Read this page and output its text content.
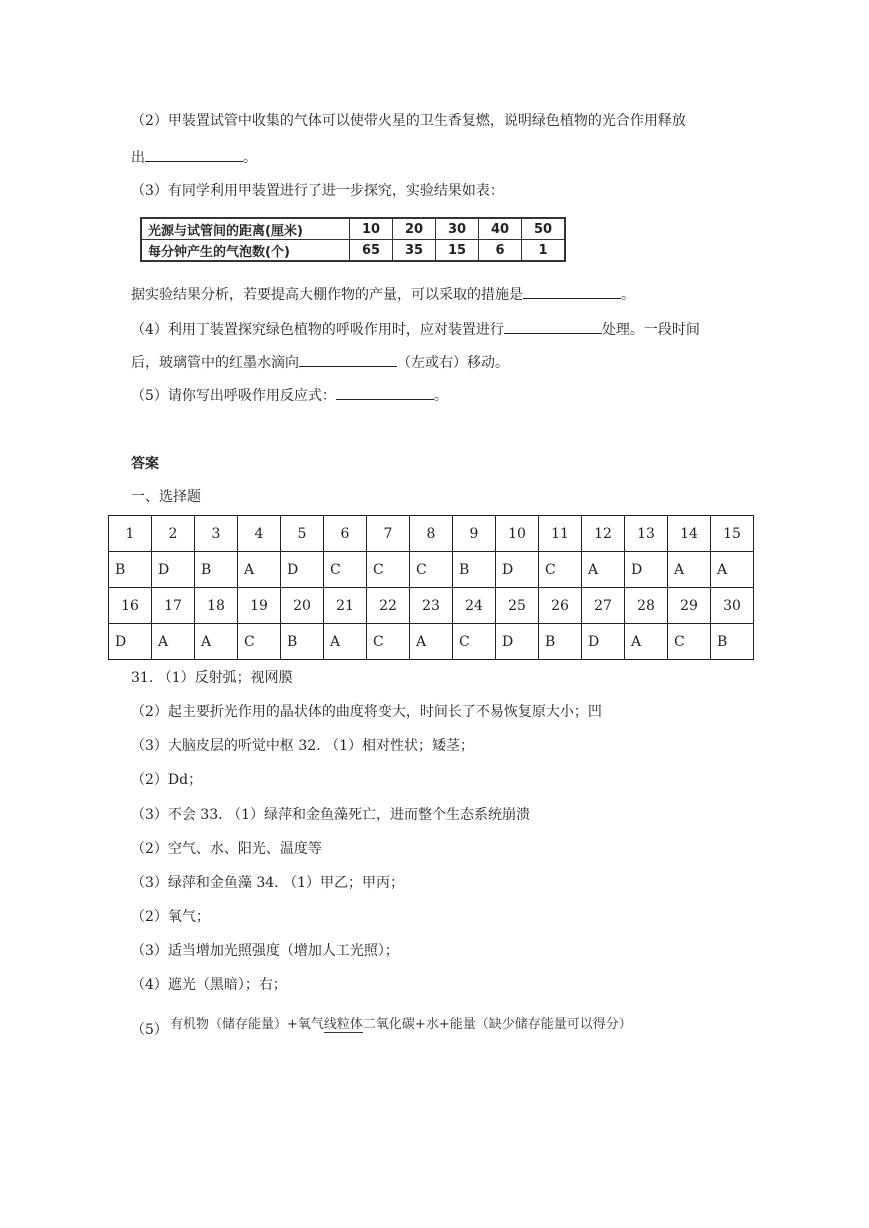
（2）甲装置试管中收集的气体可以使带火星的卫生香复燃，说明绿色植物的光合作用释放
出	。
（3）有同学利用甲装置进行了进一步探究，实验结果如表：
光源与试管间的距离(厘米)	10	20	30	40	50
每分钟产生的气泡数(个)	65	35	15	6	1
据实验结果分析，若要提高大棚作物的产量，可以采取的措施是	。
（4）利用丁装置探究绿色植物的呼吸作用时，应对装置进行	处理。一段时间
后，玻璃管中的红墨水滴向	（左或右）移动。
（5）请你写出呼吸作用反应式：	。
答案
一、选择题
1	2	3	4	5	6	7	8	9	10	11	12	13	14	15
B	D	B	A	D	C	C	C	B	D	C	A	D	A	A
16	17	18	19	20	21	22	23	24	25	26	27	28	29	30
D	A	A	C	B	A	C	A	C	D	B	D	A	C	B
31. （1）反射弧；视网膜
（2）起主要折光作用的晶状体的曲度将变大，时间长了不易恢复原大小；凹
（3）大脑皮层的听觉中枢 32. （1）相对性状；矮茎；
（2）Dd；
（3）不会 33. （1）绿萍和金鱼藻死亡，进而整个生态系统崩溃
（2）空气、水、阳光、温度等
（3）绿萍和金鱼藻 34. （1）甲乙；甲丙；
（2）氧气；
（3）适当增加光照强度（增加人工光照）；
（4）遮光（黑暗）；右；
（5） 有机物（储存能量）+氧气线粒体二氧化碳+水+能量（缺少储存能量可以得分）
